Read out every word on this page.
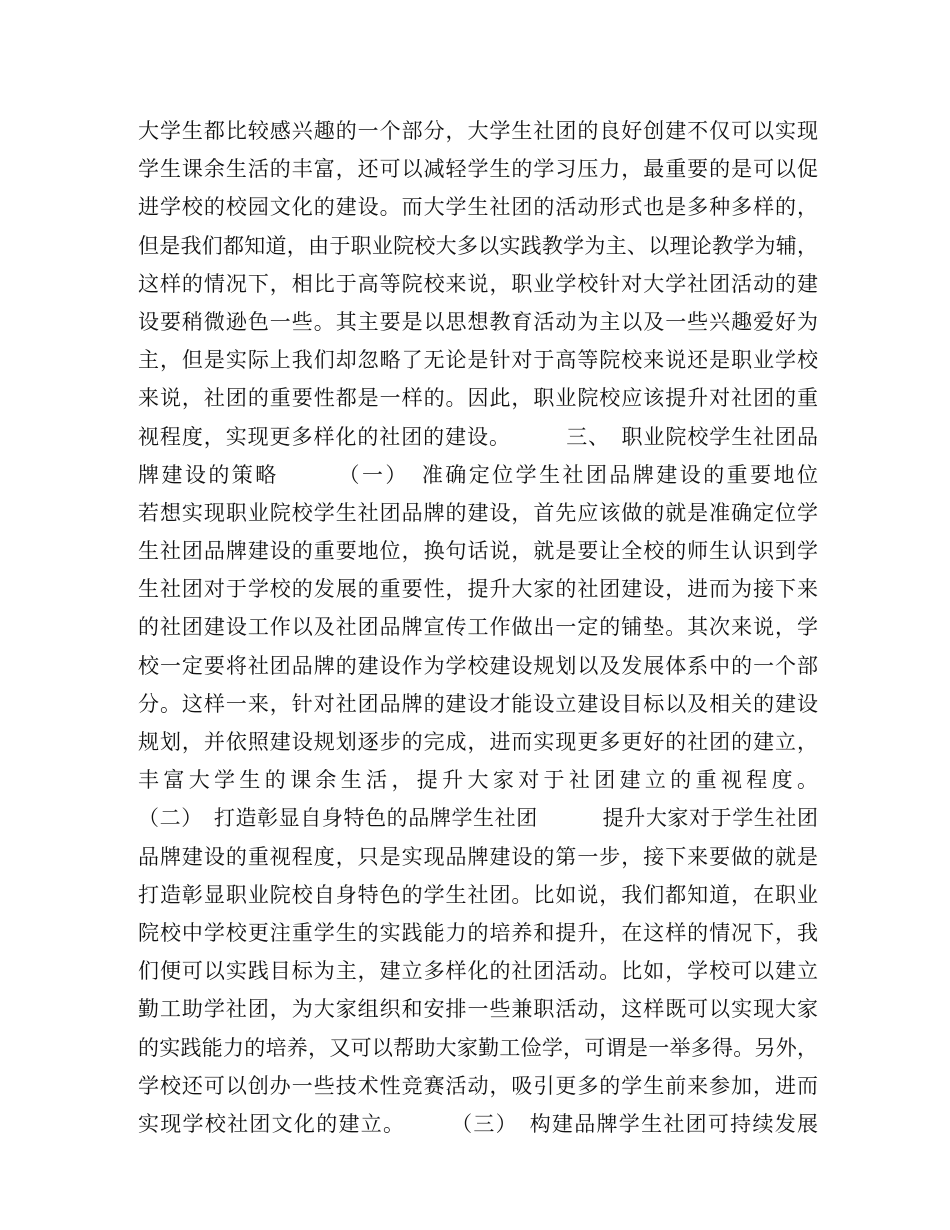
大学生都比较感兴趣的一个部分，大学生社团的良好创建不仅可以实现
学生课余生活的丰富，还可以减轻学生的学习压力，最重要的是可以促
进学校的校园文化的建设。而大学生社团的活动形式也是多种多样的，
但是我们都知道，由于职业院校大多以实践教学为主、以理论教学为辅，
这样的情况下，相比于高等院校来说，职业学校针对大学社团活动的建
设要稍微逊色一些。其主要是以思想教育活动为主以及一些兴趣爱好为
主，但是实际上我们却忽略了无论是针对于高等院校来说还是职业学校
来说，社团的重要性都是一样的。因此，职业院校应该提升对社团的重
视程度，实现更多样化的社团的建设。　　　三、　职业院校学生社团品
牌建设的策略　　　（一）　准确定位学生社团品牌建设的重要地位
若想实现职业院校学生社团品牌的建设，首先应该做的就是准确定位学
生社团品牌建设的重要地位，换句话说，就是要让全校的师生认识到学
生社团对于学校的发展的重要性，提升大家的社团建设，进而为接下来
的社团建设工作以及社团品牌宣传工作做出一定的铺垫。其次来说，学
校一定要将社团品牌的建设作为学校建设规划以及发展体系中的一个部
分。这样一来，针对社团品牌的建设才能设立建设目标以及相关的建设
规划，并依照建设规划逐步的完成，进而实现更多更好的社团的建立，
丰富大学生的课余生活，提升大家对于社团建立的重视程度。
（二）　打造彰显自身特色的品牌学生社团　　　提升大家对于学生社团
品牌建设的重视程度，只是实现品牌建设的第一步，接下来要做的就是
打造彰显职业院校自身特色的学生社团。比如说，我们都知道，在职业
院校中学校更注重学生的实践能力的培养和提升，在这样的情况下，我
们便可以实践目标为主，建立多样化的社团活动。比如，学校可以建立
勤工助学社团，为大家组织和安排一些兼职活动，这样既可以实现大家
的实践能力的培养，又可以帮助大家勤工俭学，可谓是一举多得。另外，
学校还可以创办一些技术性竞赛活动，吸引更多的学生前来参加，进而
实现学校社团文化的建立。　　　（三）　构建品牌学生社团可持续发展
